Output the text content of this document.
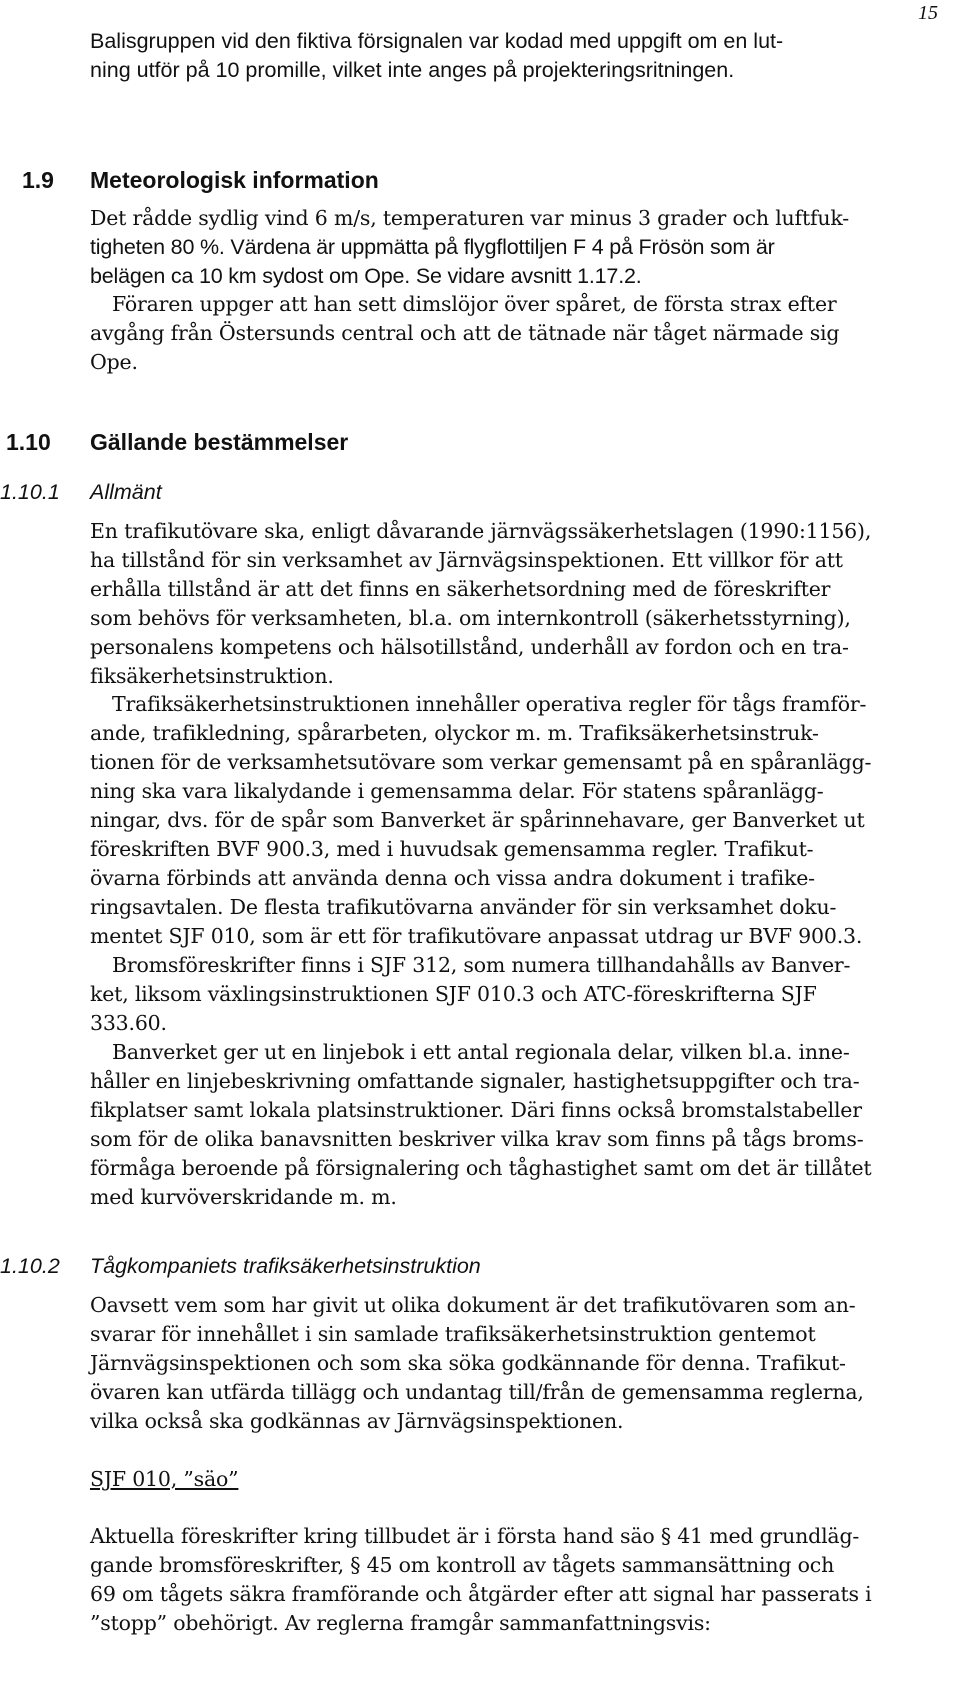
15

Balisgruppen vid den fiktiva försignalen var kodad med uppgift om en lut-
ning utför på 10 promille, vilket inte anges på projekteringsritningen.

1.9 Meteorologisk information

Det rådde sydlig vind 6 m/s, temperaturen var minus 3 grader och luftfuk-
tigheten 80 %. Värdena är uppmätta på flygflottiljen F 4 på Frösön som är
belägen ca 10 km sydost om Ope. Se vidare avsnitt 1.17.2.

Föraren uppger att han sett dimslöjor över spåret, de första strax efter
avgång från Östersunds central och att de tätnade när tåget närmade sig
Ope.

1.10 Gällande bestämmelser
1.10.1 Allmänt

En trafikutövare ska, enligt dåvarande järnvägssäkerhetslagen (1990:1156),
ha tillstånd för sin verksamhet av Järnvägsinspektionen. Ett villkor för att
erhålla tillstånd är att det finns en säkerhetsordning med de föreskrifter
som behövs för verksamheten, bl.a. om internkontroll (säkerhetsstyrning),
personalens kompetens och hälsotillstånd, underhåll av fordon och en tra-
fiksäkerhetsinstruktion.

Trafiksäkerhetsinstruktionen innehåller operativa regler för tågs framför-
ande, trafikledning, spårarbeten, olyckor m. m. Trafiksäkerhetsinstruk-
tionen för de verksamhetsutövare som verkar gemensamt på en spåranlägg-
ning ska vara likalydande i gemensamma delar. För statens spåranlägg-
ningar, dvs. för de spår som Banverket är spårinnehavare, ger Banverket ut
föreskriften BVF 900.3, med i huvudsak gemensamma regler. Trafikut-
övarna förbinds att använda denna och vissa andra dokument i trafike-
ringsavtalen. De flesta trafikutövarna använder för sin verksamhet doku-
mentet SJF 010, som är ett för trafikutövare anpassat utdrag ur BVF 900.3.

Bromsföreskrifter finns i SJF 312, som numera tillhandahålls av Banver-
ket, liksom växlingsinstruktionen SJF 010.3 och ATC-föreskrifterna SJF
333.60.

Banverket ger ut en linjebok i ett antal regionala delar, vilken bl.a. inne-
håller en linjebeskrivning omfattande signaler, hastighetsuppgifter och tra-
fikplatser samt lokala platsinstruktioner. Däri finns också bromstalstabeller
som för de olika banavsnitten beskriver vilka krav som finns på tågs broms-
förmåga beroende på försignalering och tåghastighet samt om det är tillåtet
med kurvöverskridande m. m.

1.10.2 Tågkompaniets trafiksäkerhetsinstruktion

Oavsett vem som har givit ut olika dokument är det trafikutövaren som an-
svarar för innehållet i sin samlade trafiksäkerhetsinstruktion gentemot
Järnvägsinspektionen och som ska söka godkännande för denna. Trafikut-
övaren kan utfärda tillägg och undantag till/från de gemensamma reglerna,
vilka också ska godkännas av Järnvägsinspektionen.

SJF 010, ”säo”

Aktuella föreskrifter kring tillbudet är i första hand säo § 41 med grundläg-
gande bromsföreskrifter, § 45 om kontroll av tågets sammansättning och
69 om tågets säkra framförande och åtgärder efter att signal har passerats i
”stopp” obehörigt. Av reglerna framgår sammanfattningsvis:
